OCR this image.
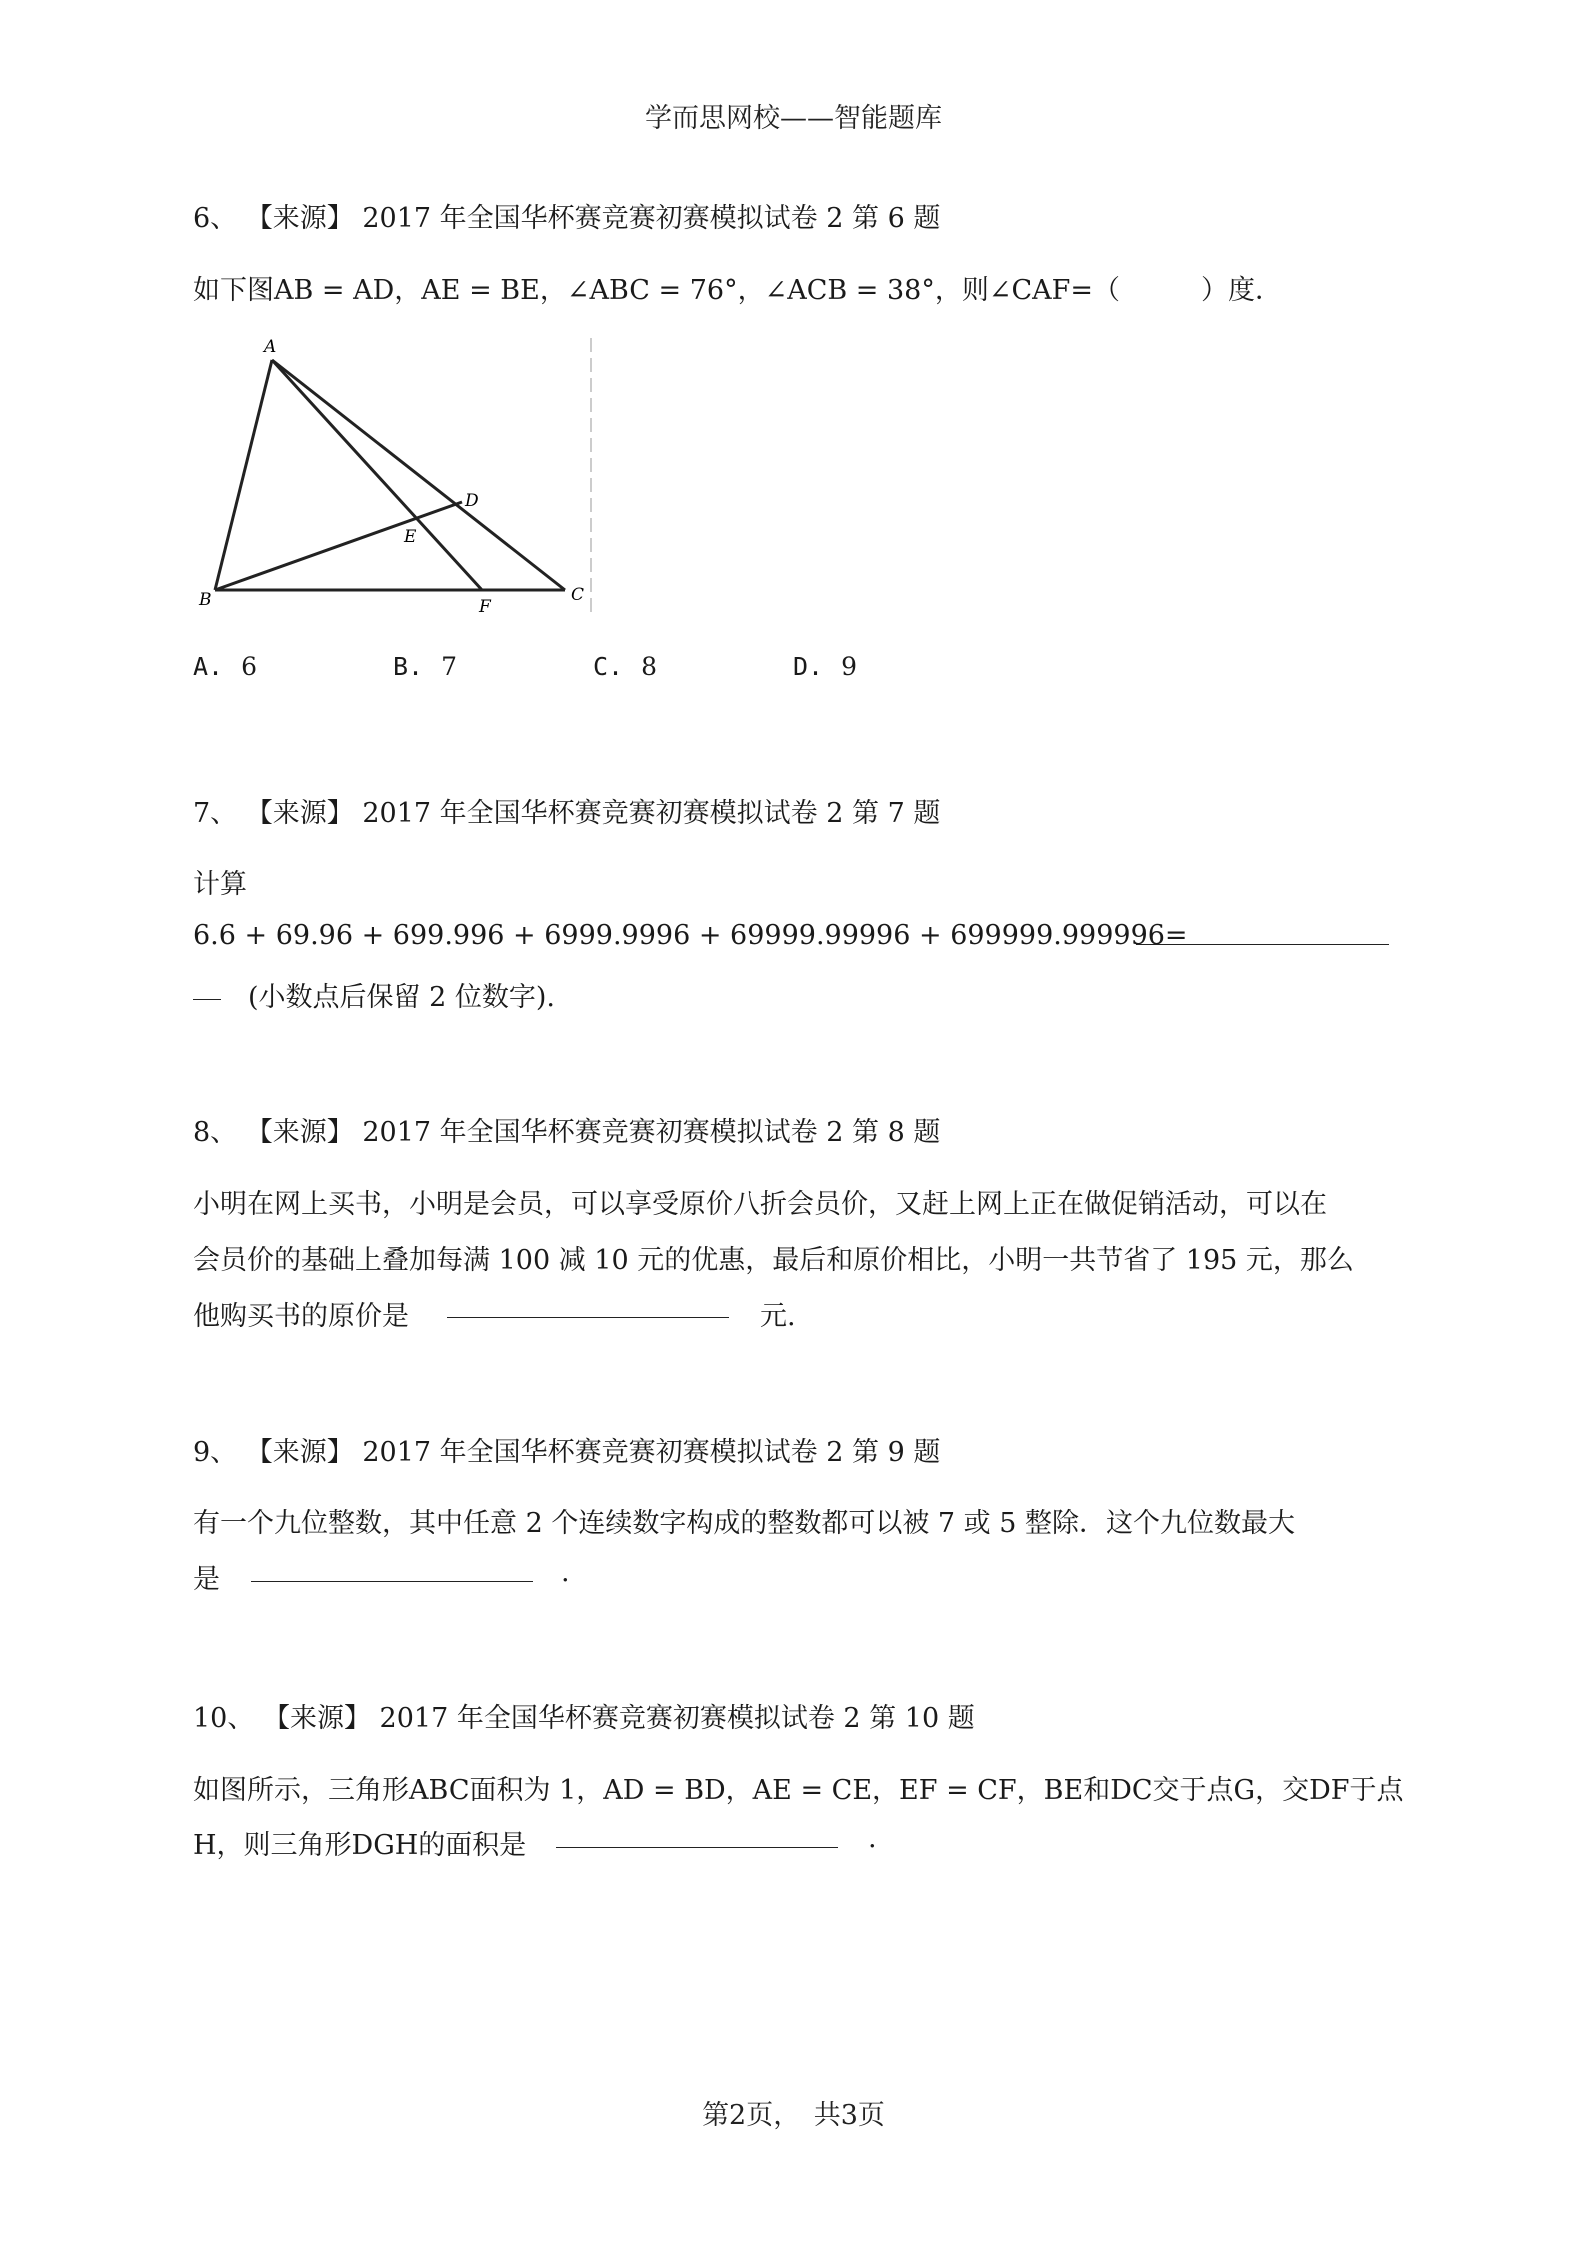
学而思网校——智能题库
6、 【来源】 2017 年全国华杯赛竞赛初赛模拟试卷 2 第 6 题
如下图AB = AD，AE = BE，∠ABC = 76°，∠ACB = 38°，则∠CAF=（　　　）度．
A
B	C
D
E
F
A. 6	B. 7	C. 8	D. 9
7、 【来源】 2017 年全国华杯赛竞赛初赛模拟试卷 2 第 7 题
计算
6.6 + 69.96 + 699.996 + 6999.9996 + 69999.99996 + 699999.999996=
(小数点后保留 2 位数字).
8、 【来源】 2017 年全国华杯赛竞赛初赛模拟试卷 2 第 8 题
小明在网上买书，小明是会员，可以享受原价八折会员价，又赶上网上正在做促销活动，可以在
会员价的基础上叠加每满 100 减 10 元的优惠，最后和原价相比，小明一共节省了 195 元，那么
他购买书的原价是	元.
9、 【来源】 2017 年全国华杯赛竞赛初赛模拟试卷 2 第 9 题
有一个九位整数，其中任意 2 个连续数字构成的整数都可以被 7 或 5 整除．这个九位数最大
是	.
10、 【来源】 2017 年全国华杯赛竞赛初赛模拟试卷 2 第 10 题
如图所示，三角形ABC面积为 1，AD = BD，AE = CE，EF = CF，BE和DC交于点G，交DF于点
H，则三角形DGH的面积是	.
第2页，　共3页
